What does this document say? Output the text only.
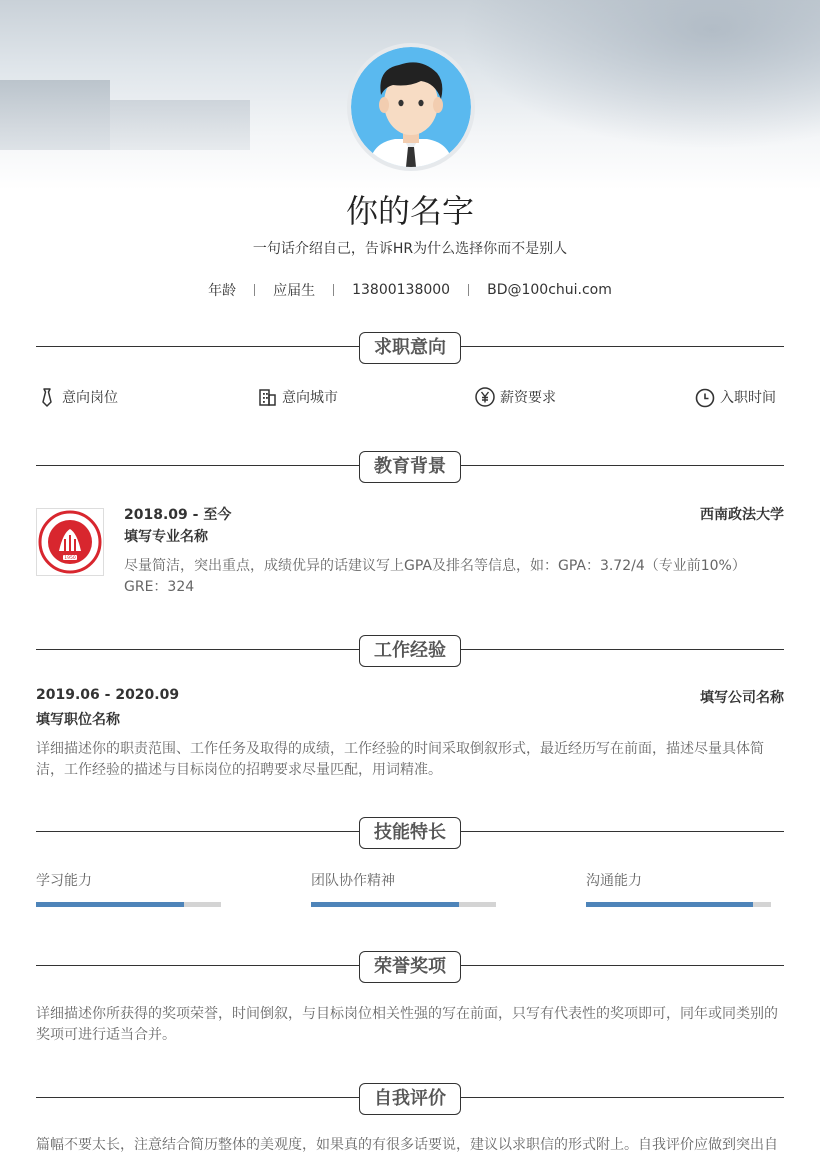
你的名字
一句话介绍自己，告诉HR为什么选择你而不是别人
年龄	应届生	13800138000	BD@100chui.com
求职意向
意向岗位	意向城市	薪资要求	入职时间
教育背景
1950
2018.09 - 至今	西南政法大学
填写专业名称
尽量简洁，突出重点，成绩优异的话建议写上GPA及排名等信息，如：GPA：3.72/4（专业前10%） GRE：324
工作经验
2019.06 - 2020.09	填写公司名称
填写职位名称
详细描述你的职责范围、工作任务及取得的成绩，工作经验的时间采取倒叙形式，最近经历写在前面，描述尽量具体简洁，工作经验的描述与目标岗位的招聘要求尽量匹配，用词精准。
技能特长
学习能力	团队协作精神	沟通能力
荣誉奖项
详细描述你所获得的奖项荣誉，时间倒叙，与目标岗位相关性强的写在前面，只写有代表性的奖项即可，同年或同类别的奖项可进行适当合并。
自我评价
篇幅不要太长，注意结合简历整体的美观度，如果真的有很多话要说，建议以求职信的形式附上。自我评价应做到突出自
